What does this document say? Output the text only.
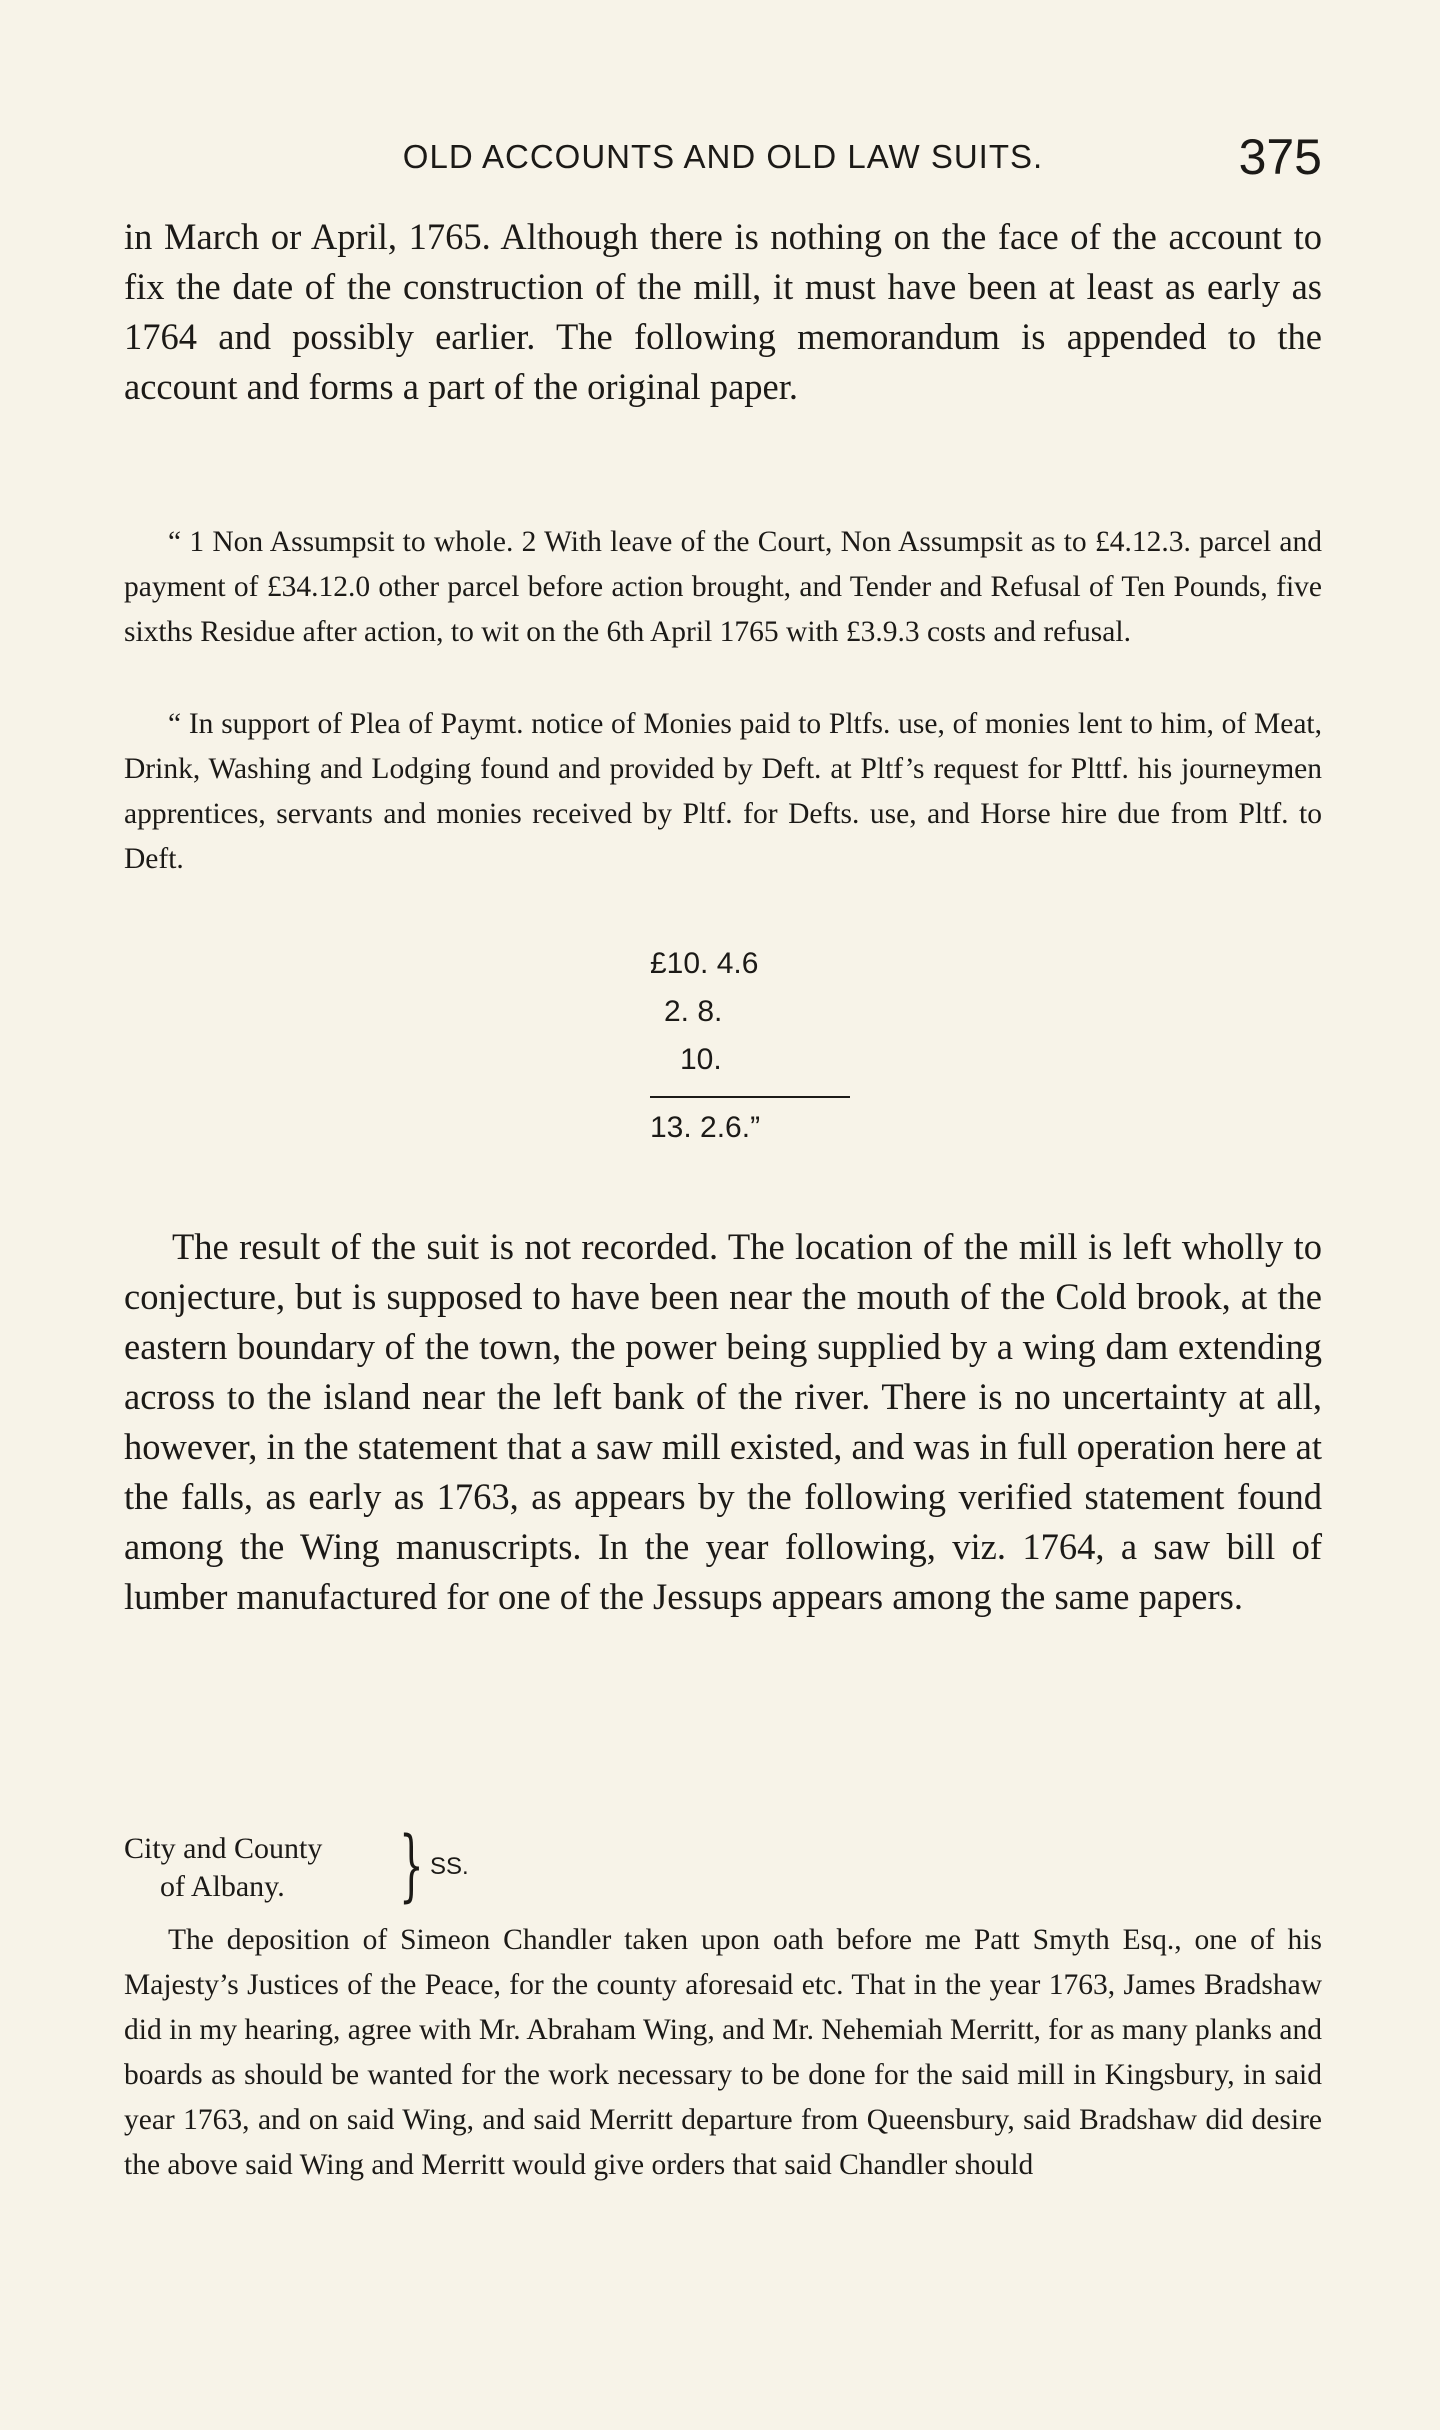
OLD ACCOUNTS AND OLD LAW SUITS.	375

in March or April, 1765. Although there is nothing on the face of the account to fix the date of the construction of the mill, it must have been at least as early as 1764 and possibly earlier. The following memorandum is appended to the account and forms a part of the original paper.

“ 1 Non Assumpsit to whole. 2 With leave of the Court, Non Assumpsit as to £4.12.3. parcel and payment of £34.12.0 other parcel before action brought, and Tender and Refusal of Ten Pounds, five sixths Residue after action, to wit on the 6th April 1765 with £3.9.3 costs and refusal.

“ In support of Plea of Paymt. notice of Monies paid to Pltfs. use, of monies lent to him, of Meat, Drink, Washing and Lodging found and provided by Deft. at Pltf’s request for Plttf. his journeymen apprentices, servants and monies received by Pltf. for Defts. use, and Horse hire due from Pltf. to Deft.

£10. 4.6
2. 8.
10.
13. 2.6.”

The result of the suit is not recorded. The location of the mill is left wholly to conjecture, but is supposed to have been near the mouth of the Cold brook, at the eastern boundary of the town, the power being supplied by a wing dam extending across to the island near the left bank of the river. There is no uncertainty at all, however, in the statement that a saw mill existed, and was in full operation here at the falls, as early as 1763, as appears by the following verified statement found among the Wing manuscripts. In the year following, viz. 1764, a saw bill of lumber manufactured for one of the Jessups appears among the same papers.

City and County
of Albany.	} SS.

The deposition of Simeon Chandler taken upon oath before me Patt Smyth Esq., one of his Majesty’s Justices of the Peace, for the county aforesaid etc. That in the year 1763, James Bradshaw did in my hearing, agree with Mr. Abraham Wing, and Mr. Nehemiah Merritt, for as many planks and boards as should be wanted for the work necessary to be done for the said mill in Kingsbury, in said year 1763, and on said Wing, and said Merritt departure from Queensbury, said Bradshaw did desire the above said Wing and Merritt would give orders that said Chandler should
